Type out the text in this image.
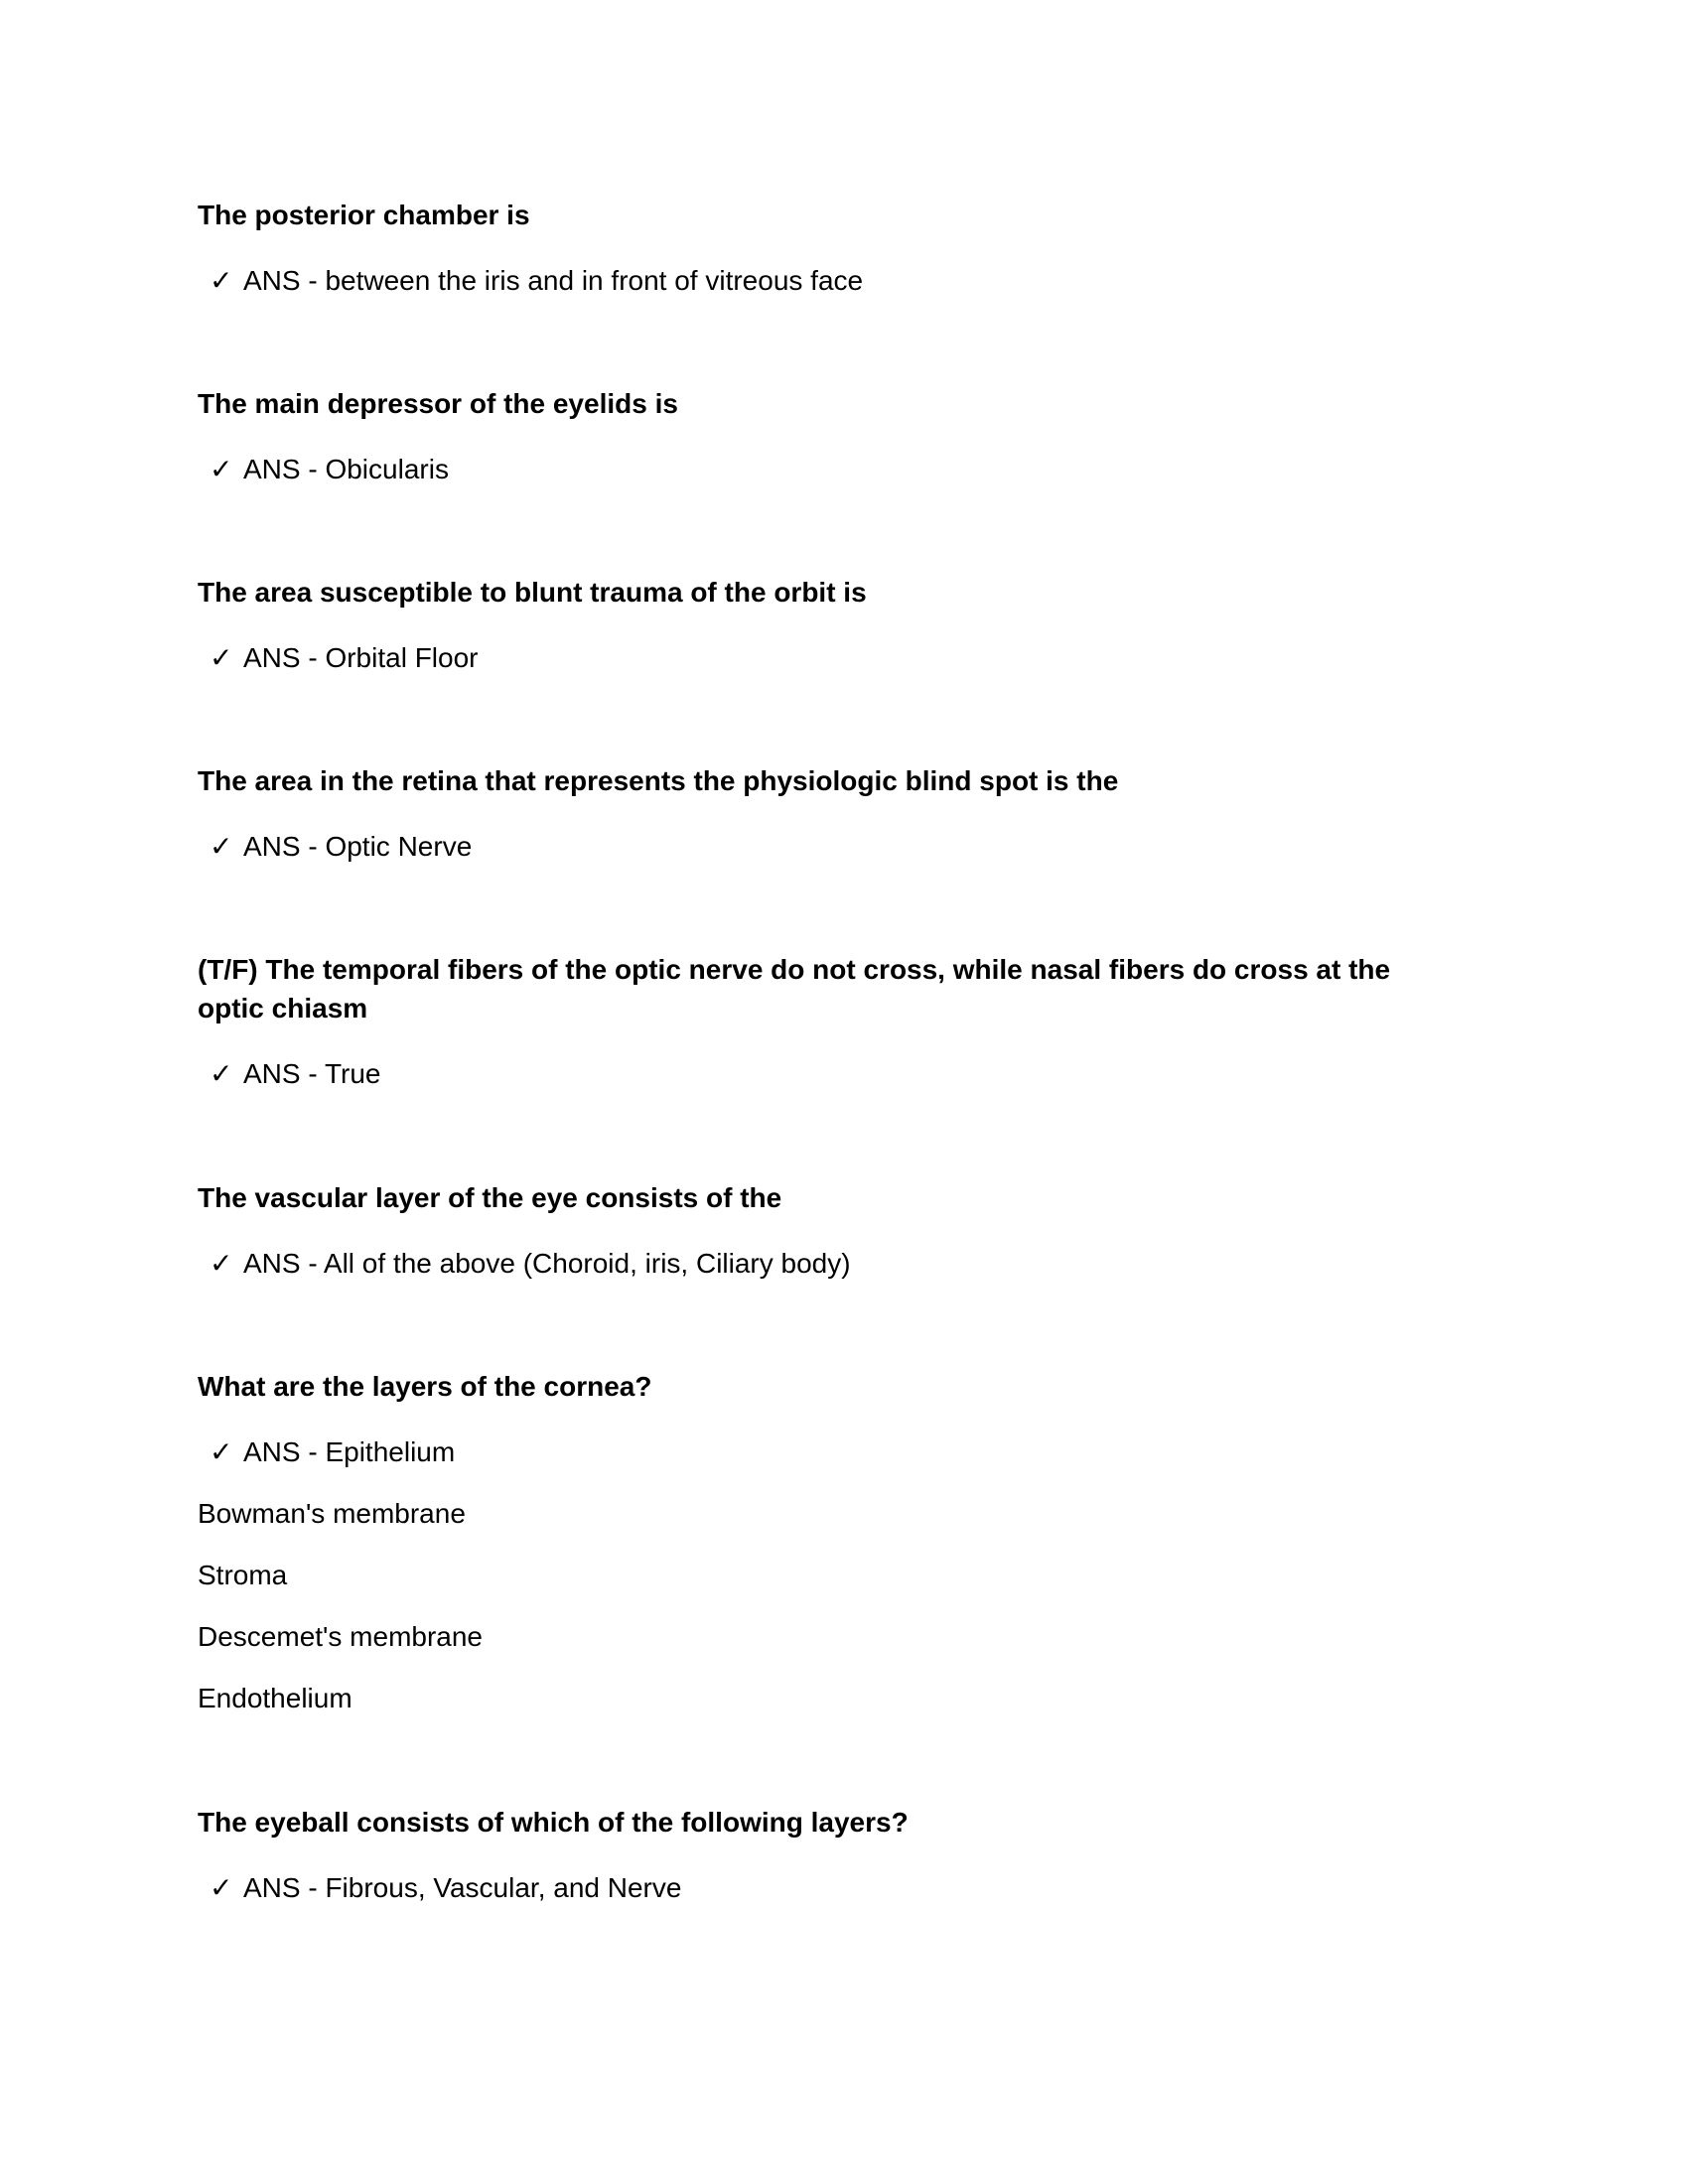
The posterior chamber is

✓ ANS - between the iris and in front of vitreous face

The main depressor of the eyelids is

✓ ANS - Obicularis

The area susceptible to blunt trauma of the orbit is

✓ ANS - Orbital Floor

The area in the retina that represents the physiologic blind spot is the

✓ ANS - Optic Nerve

(T/F) The temporal fibers of the optic nerve do not cross, while nasal fibers do cross at the optic chiasm

✓ ANS - True

The vascular layer of the eye consists of the

✓ ANS - All of the above (Choroid, iris, Ciliary body)

What are the layers of the cornea?

✓ ANS - Epithelium

Bowman's membrane

Stroma

Descemet's membrane

Endothelium

The eyeball consists of which of the following layers?

✓ ANS - Fibrous, Vascular, and Nerve
